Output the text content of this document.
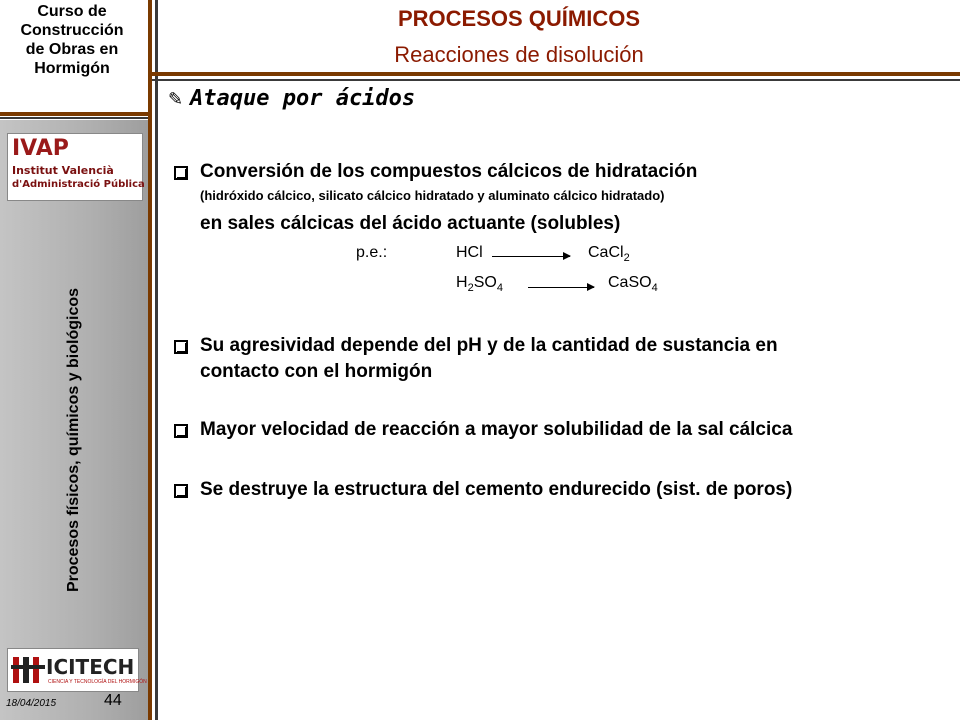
Curso de
Construcción
de Obras en
Hormigón
IVAP
Institut Valencià
d'Administració Pública
Procesos físicos, químicos y biológicos
ICITECH
CIENCIA Y TECNOLOGÍA DEL HORMIGÓN
18/04/2015	44
PROCESOS QUÍMICOS
Reacciones de disolución
✎ Ataque por ácidos
Conversión de los compuestos cálcicos de hidratación
(hidróxido cálcico, silicato cálcico hidratado y aluminato cálcico hidratado)
en sales cálcicas del ácido actuante (solubles)
p.e.:	HCl	CaCl$_2$
$H_2SO_4$	CaSO$_4$
Su agresividad depende del pH y de la cantidad de sustancia en
contacto con el hormigón
Mayor velocidad de reacción a mayor solubilidad de la sal cálcica
Se destruye la estructura del cemento endurecido (sist. de poros)
